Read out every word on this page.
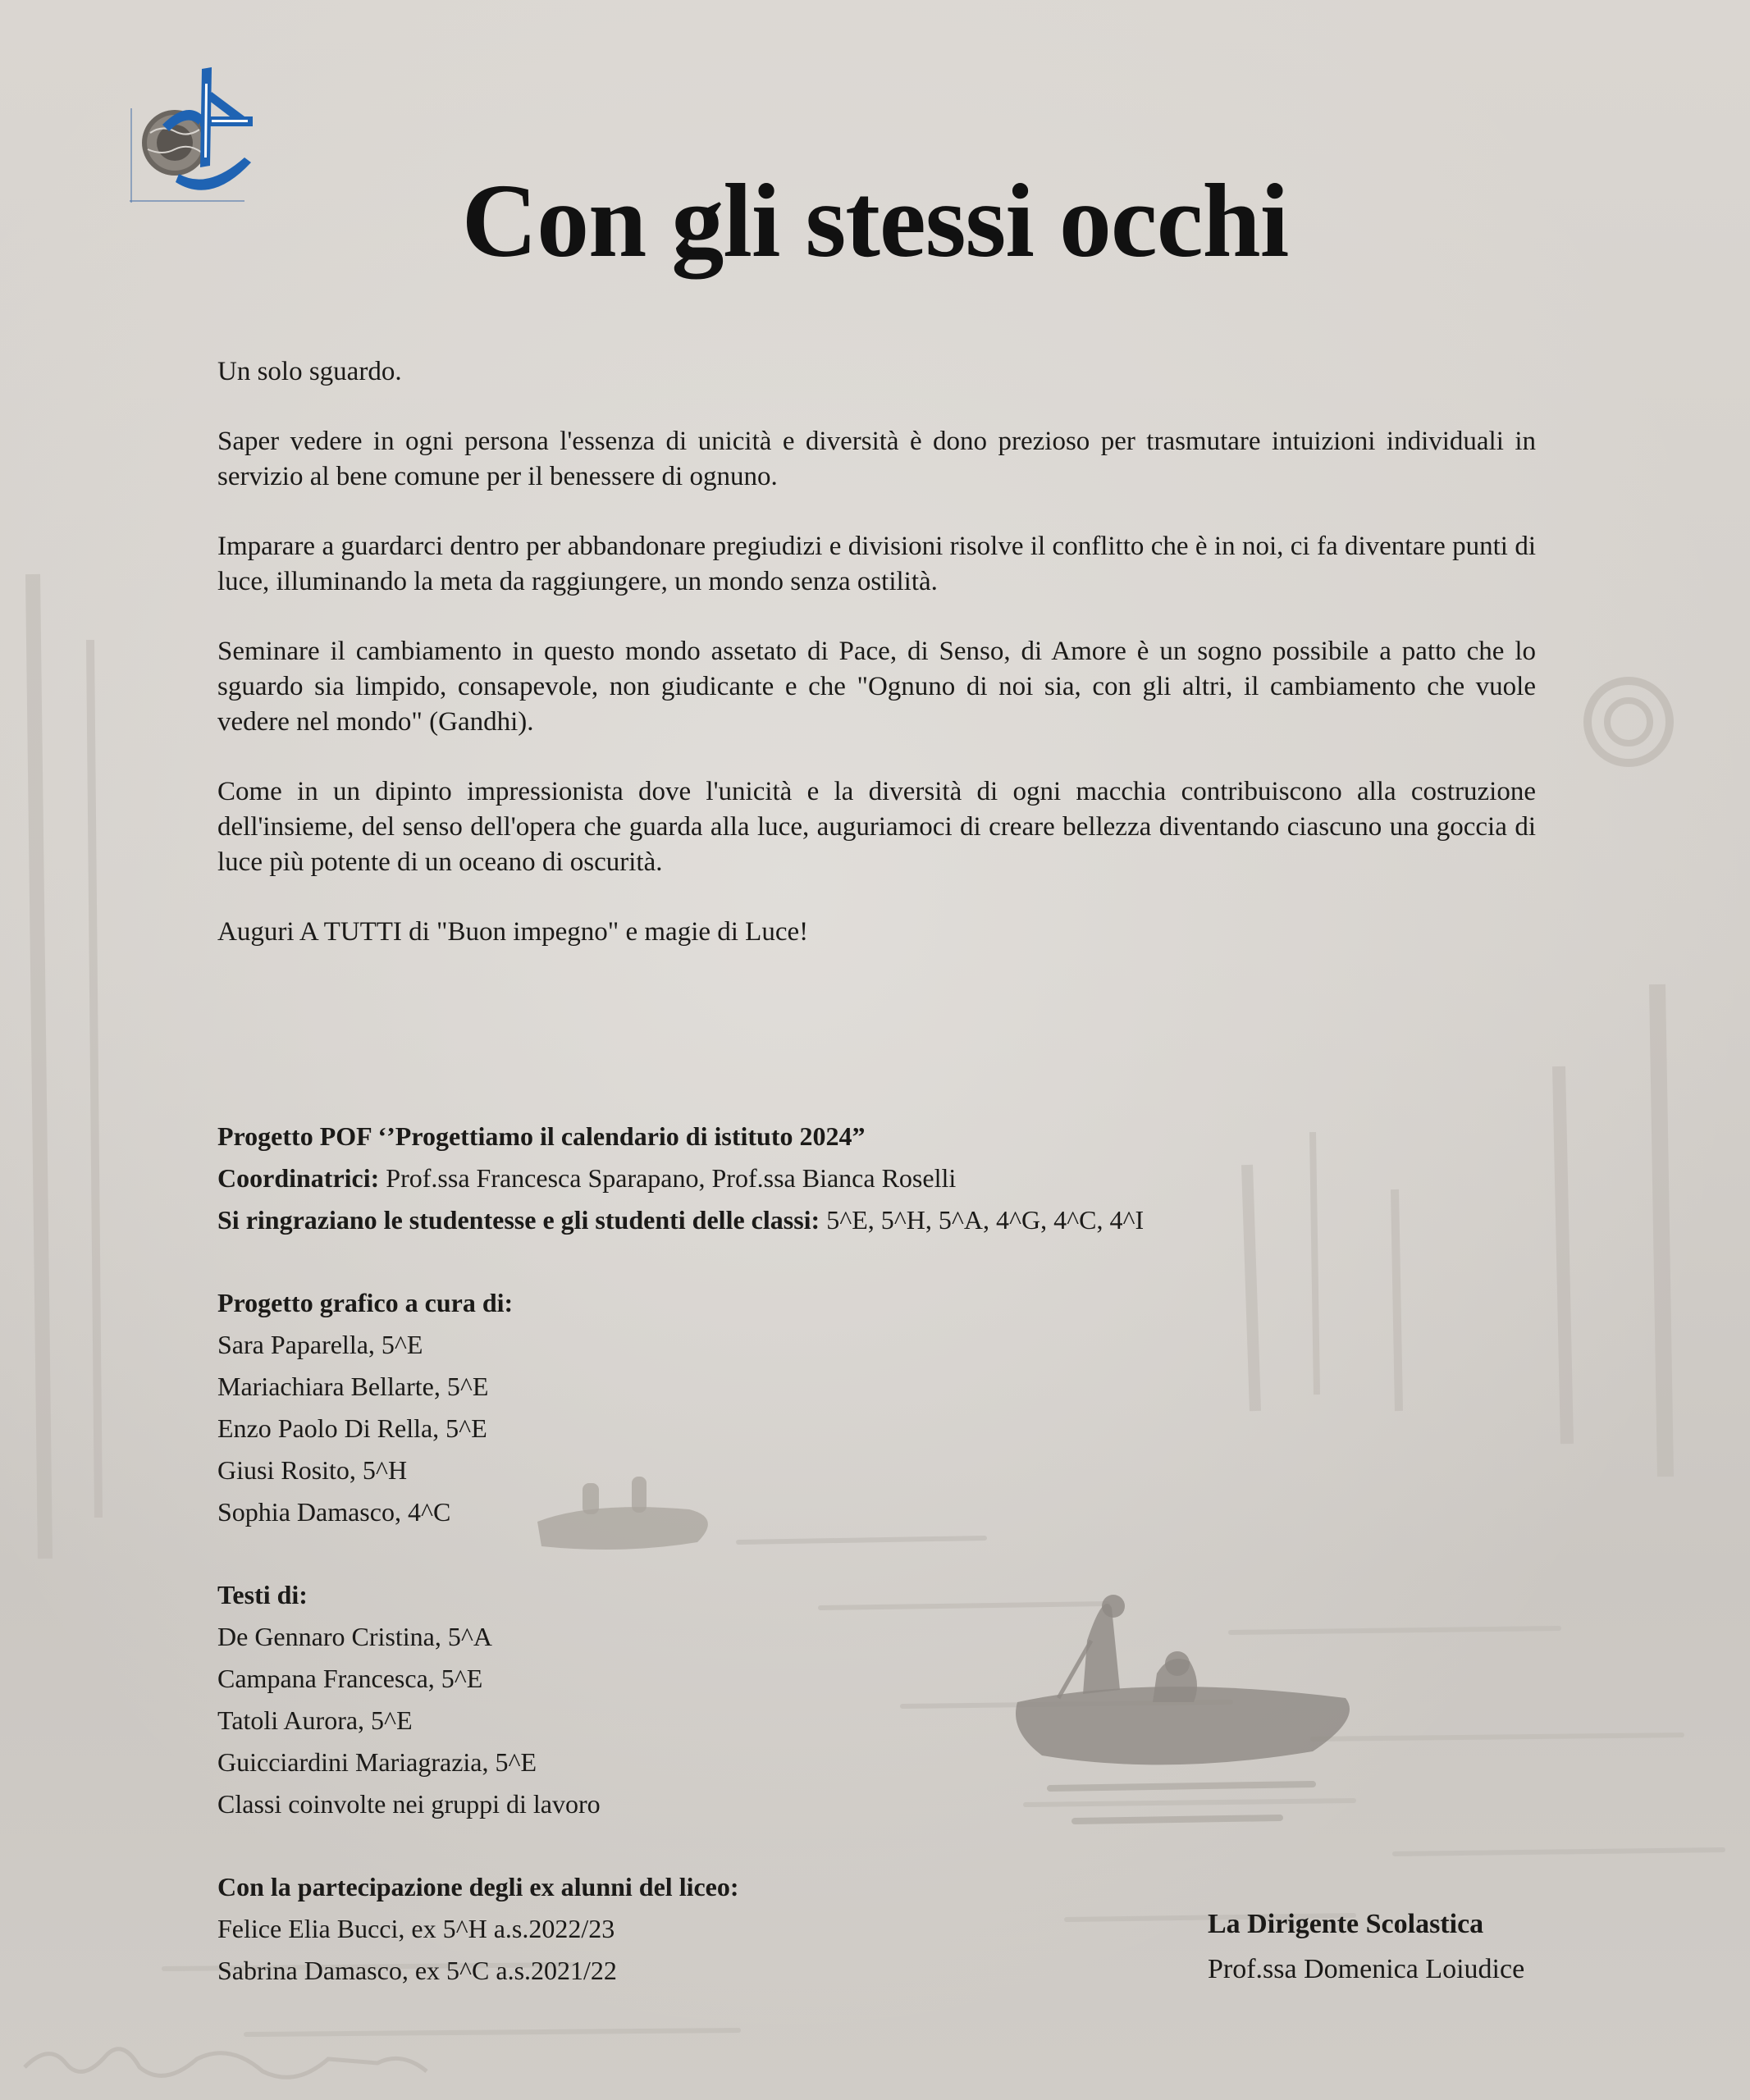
Con gli stessi occhi

Un solo sguardo.

Saper vedere in ogni persona l'essenza di unicità e diversità è dono prezioso per trasmutare intuizioni individuali in servizio al bene comune per il benessere di ognuno.

Imparare a guardarci dentro per abbandonare pregiudizi e divisioni risolve il conflitto che è in noi, ci fa diventare punti di luce, illuminando la meta da raggiungere, un mondo senza ostilità.

Seminare il cambiamento in questo mondo assetato di Pace, di Senso, di Amore è un sogno possibile a patto che lo sguardo sia limpido, consapevole, non giudicante e che "Ognuno di noi sia, con gli altri, il cambiamento che vuole vedere nel mondo" (Gandhi).

Come in un dipinto impressionista dove l'unicità e la diversità di ogni macchia contribuiscono alla costruzione dell'insieme, del senso dell'opera che guarda alla luce, auguriamoci di creare bellezza diventando ciascuno una goccia di luce più potente di un oceano di oscurità.

Auguri A TUTTI di "Buon impegno" e magie di Luce!

Progetto POF ‘’Progettiamo il calendario di istituto 2024”
Coordinatrici: Prof.ssa Francesca Sparapano, Prof.ssa Bianca Roselli
Si ringraziano le studentesse e gli studenti delle classi: 5^E, 5^H, 5^A, 4^G, 4^C, 4^I
Progetto grafico a cura di:
Sara Paparella, 5^E
Mariachiara Bellarte, 5^E
Enzo Paolo Di Rella, 5^E
Giusi Rosito, 5^H
Sophia Damasco, 4^C
Testi di:
De Gennaro Cristina, 5^A
Campana Francesca, 5^E
Tatoli Aurora, 5^E
Guicciardini Mariagrazia, 5^E
Classi coinvolte nei gruppi di lavoro
Con la partecipazione degli ex alunni del liceo:
Felice Elia Bucci, ex 5^H a.s.2022/23
Sabrina Damasco, ex 5^C a.s.2021/22
La Dirigente Scolastica
Prof.ssa Domenica Loiudice
